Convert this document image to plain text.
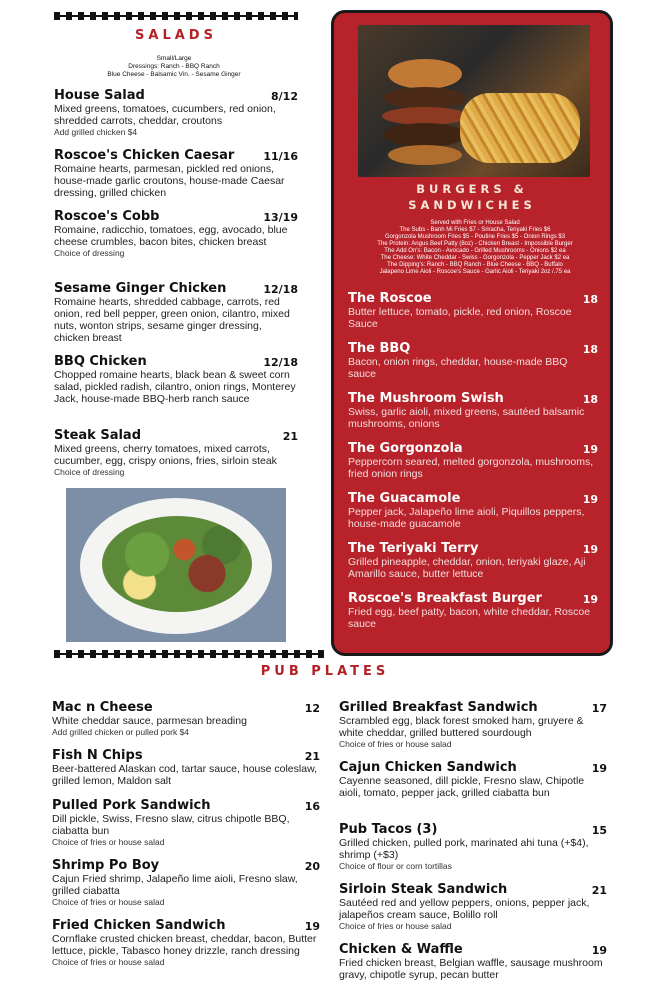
SALADS
Small/Large
Dressings: Ranch - BBQ Ranch
Blue Cheese - Balsamic Vin. - Sesame Ginger
House Salad	8/12
Mixed greens, tomatoes, cucumbers, red onion, shredded carrots, cheddar, croutons
Add grilled chicken $4
Roscoe's Chicken Caesar	11/16
Romaine hearts, parmesan, pickled red onions, house-made garlic croutons, house-made Caesar dressing, grilled chicken
Roscoe's Cobb	13/19
Romaine, radicchio, tomatoes, egg, avocado, blue cheese crumbles, bacon bites, chicken breast
Choice of dressing
Sesame Ginger Chicken	12/18
Romaine hearts, shredded cabbage, carrots, red onion, red bell pepper, green onion, cilantro, mixed nuts, wonton strips, sesame ginger dressing, chicken breast
BBQ Chicken	12/18
Chopped romaine hearts, black bean & sweet corn salad, pickled radish, cilantro, onion rings, Monterey Jack, house-made BBQ-herb ranch sauce
Steak Salad	21
Mixed greens, cherry tomatoes, mixed carrots, cucumber, egg, crispy onions, fries, sirloin steak
Choice of dressing
BURGERS &
SANDWICHES
Served with Fries or House Salad
The Subs - Banh Mi Fries $7 - Sriracha, Teriyaki Fries $6
Gorgonzola Mushroom Fries $5 - Poutine Fries $5 - Onion Rings $3
The Protein: Angus Beef Patty (8oz) - Chicken Breast - Impossible Burger
The Add On's: Bacon - Avocado - Grilled Mushrooms - Onions $2 ea
The Cheese: White Cheddar - Swiss - Gorgonzola - Pepper Jack $2 ea
The Dipping's: Ranch - BBQ Ranch - Blue Cheese - BBQ - Buffalo
Jalapeno Lime Aioli - Roscoe's Sauce - Garlic Aioli - Teriyaki 2oz /.75 ea
The Roscoe	18
Butter lettuce, tomato, pickle, red onion, Roscoe Sauce
The BBQ	18
Bacon, onion rings, cheddar, house-made BBQ sauce
The Mushroom Swish	18
Swiss, garlic aioli, mixed greens, sautéed balsamic mushrooms, onions
The Gorgonzola	19
Peppercorn seared, melted gorgonzola, mushrooms, fried onion rings
The Guacamole	19
Pepper jack, Jalapeño lime aioli, Piquillos peppers, house-made guacamole
The Teriyaki Terry	19
Grilled pineapple, cheddar, onion, teriyaki glaze, Aji Amarillo sauce, butter lettuce
Roscoe's Breakfast Burger	19
Fried egg, beef patty, bacon, white cheddar, Roscoe sauce
PUB PLATES
Mac n Cheese	12
White cheddar sauce, parmesan breading
Add grilled chicken or pulled pork $4
Fish N Chips	21
Beer-battered Alaskan cod, tartar sauce, house coleslaw, grilled lemon, Maldon salt
Pulled Pork Sandwich	16
Dill pickle, Swiss, Fresno slaw, citrus chipotle BBQ, ciabatta bun
Choice of fries or house salad
Shrimp Po Boy	20
Cajun Fried shrimp, Jalapeño lime aioli, Fresno slaw, grilled ciabatta
Choice of fries or house salad
Fried Chicken Sandwich	19
Cornflake crusted chicken breast, cheddar, bacon, Butter lettuce, pickle, Tabasco honey drizzle, ranch dressing
Choice of fries or house salad
Grilled Breakfast Sandwich	17
Scrambled egg, black forest smoked ham, gruyere & white cheddar, grilled buttered sourdough
Choice of fries or house salad
Cajun Chicken Sandwich	19
Cayenne seasoned, dill pickle, Fresno slaw, Chipotle aioli, tomato, pepper jack, grilled ciabatta bun
Pub Tacos (3)	15
Grilled chicken, pulled pork, marinated ahi tuna (+$4), shrimp (+$3)
Choice of flour or corn tortillas
Sirloin Steak Sandwich	21
Sautéed red and yellow peppers, onions, pepper jack, jalapeños cream sauce, Bolillo roll
Choice of fries or house salad
Chicken & Waffle	19
Fried chicken breast, Belgian waffle, sausage mushroom gravy, chipotle syrup, pecan butter
